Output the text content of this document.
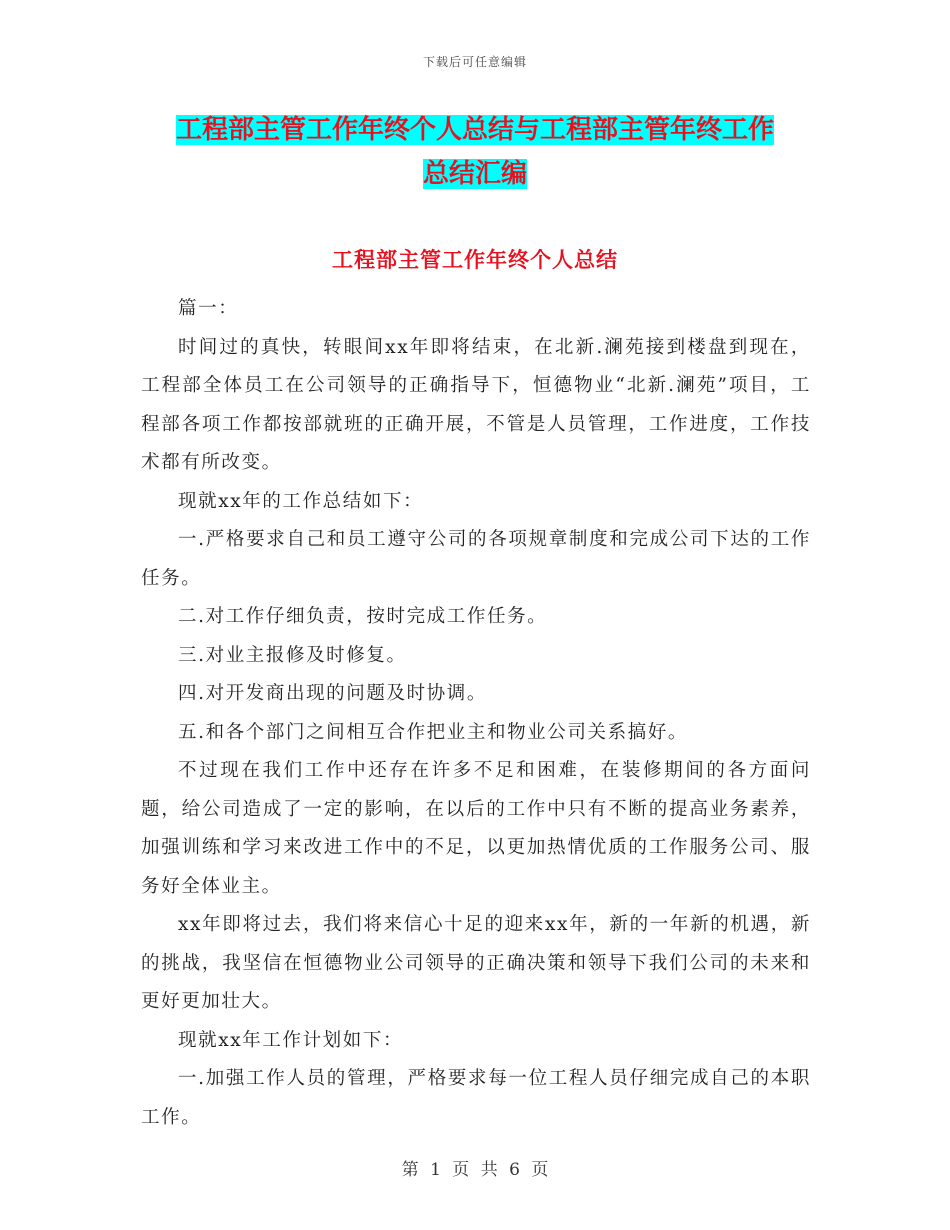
下载后可任意编辑
工程部主管工作年终个人总结与工程部主管年终工作
总结汇编
工程部主管工作年终个人总结

篇一：

时间过的真快，转眼间xx年即将结束，在北新.澜苑接到楼盘到现在，工程部全体员工在公司领导的正确指导下，恒德物业“北新.澜苑”项目，工程部各项工作都按部就班的正确开展，不管是人员管理，工作进度，工作技术都有所改变。

现就xx年的工作总结如下：

一.严格要求自己和员工遵守公司的各项规章制度和完成公司下达的工作任务。

二.对工作仔细负责，按时完成工作任务。

三.对业主报修及时修复。

四.对开发商出现的问题及时协调。

五.和各个部门之间相互合作把业主和物业公司关系搞好。

不过现在我们工作中还存在许多不足和困难，在装修期间的各方面问题，给公司造成了一定的影响，在以后的工作中只有不断的提高业务素养，加强训练和学习来改进工作中的不足，以更加热情优质的工作服务公司、服务好全体业主。

xx年即将过去，我们将来信心十足的迎来xx年，新的一年新的机遇，新的挑战，我坚信在恒德物业公司领导的正确决策和领导下我们公司的未来和更好更加壮大。

现就xx年工作计划如下：

一.加强工作人员的管理，严格要求每一位工程人员仔细完成自己的本职工作。

第 1 页 共 6 页
